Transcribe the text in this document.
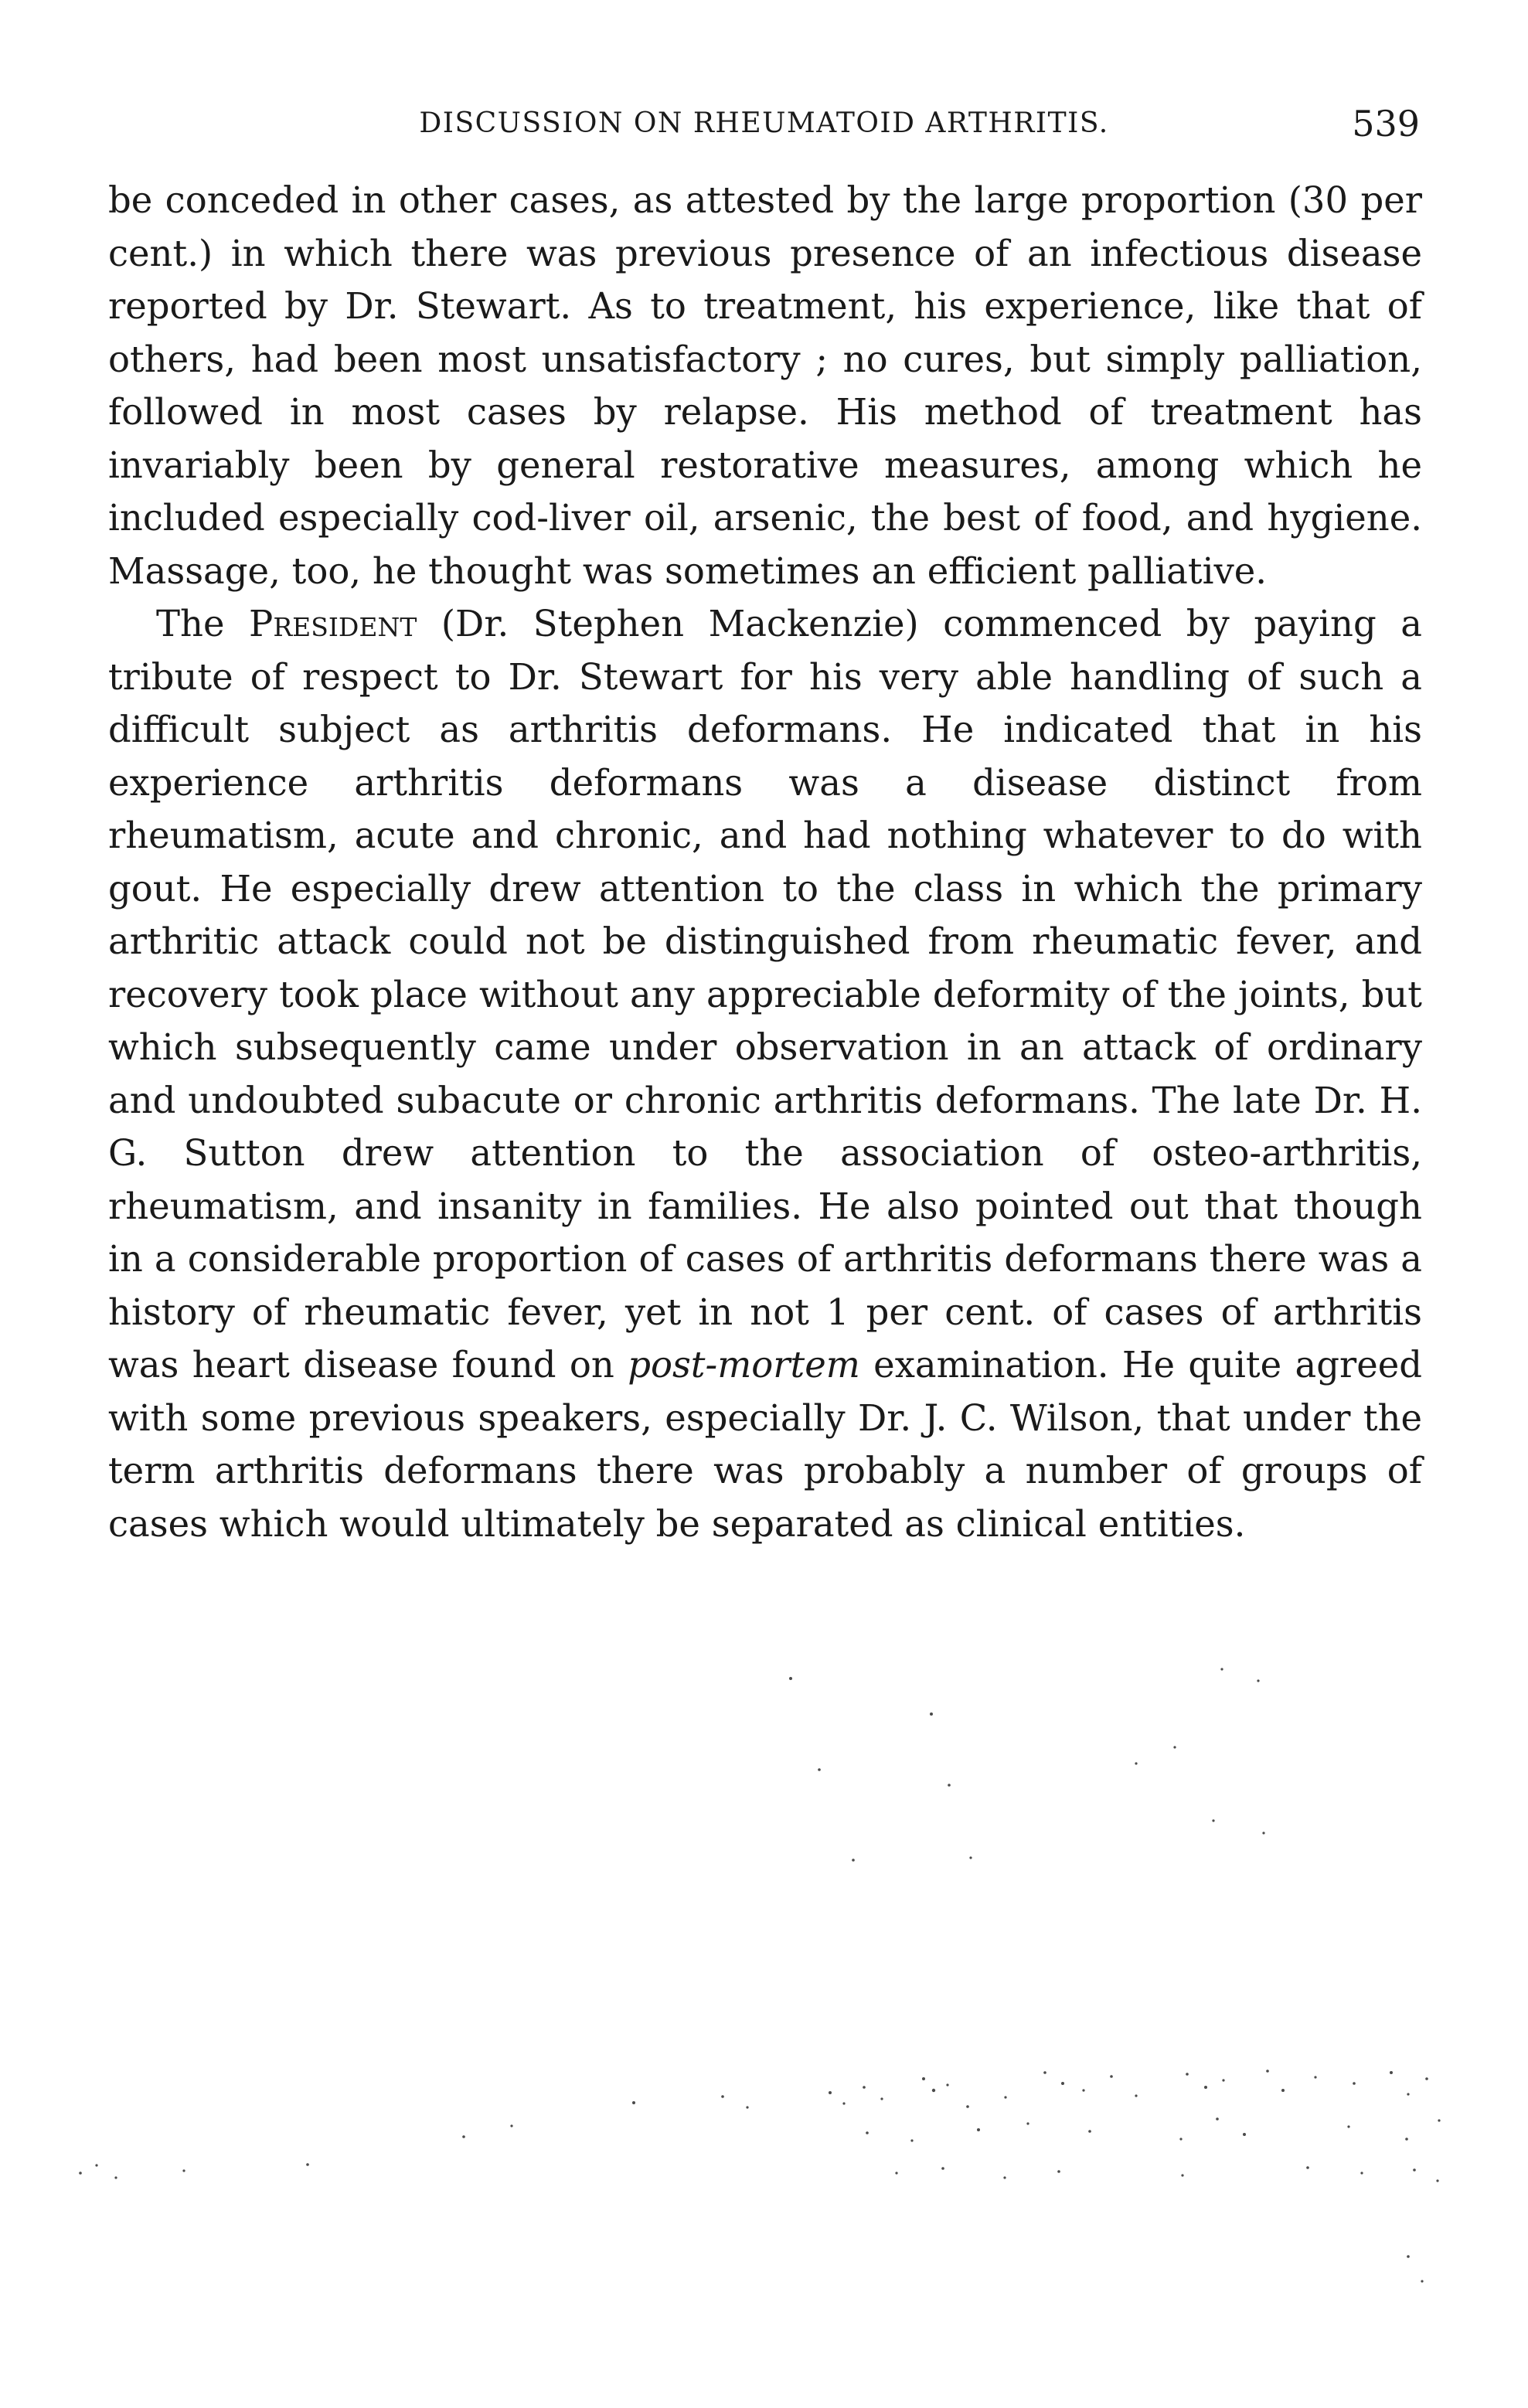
DISCUSSION ON RHEUMATOID ARTHRITIS.	539

be conceded in other cases, as attested by the large proportion (30 per cent.) in which there was previous presence of an infectious disease reported by Dr. Stewart. As to treatment, his experience, like that of others, had been most unsatisfactory ; no cures, but simply palliation, followed in most cases by relapse. His method of treatment has invariably been by general restorative measures, among which he included especially cod-liver oil, arsenic, the best of food, and hygiene. Massage, too, he thought was sometimes an efficient palliative.

The President (Dr. Stephen Mackenzie) commenced by paying a tribute of respect to Dr. Stewart for his very able handling of such a difficult subject as arthritis deformans. He indicated that in his experience arthritis deformans was a disease distinct from rheumatism, acute and chronic, and had nothing whatever to do with gout. He especially drew attention to the class in which the primary arthritic attack could not be distinguished from rheumatic fever, and recovery took place without any appreciable deformity of the joints, but which subsequently came under observation in an attack of ordinary and undoubted subacute or chronic arthritis deformans. The late Dr. H. G. Sutton drew attention to the association of osteo-arthritis, rheumatism, and insanity in families. He also pointed out that though in a considerable proportion of cases of arthritis deformans there was a history of rheumatic fever, yet in not 1 per cent. of cases of arthritis was heart disease found on post-mortem examination. He quite agreed with some previous speakers, especially Dr. J. C. Wilson, that under the term arthritis deformans there was probably a number of groups of cases which would ultimately be separated as clinical entities.
